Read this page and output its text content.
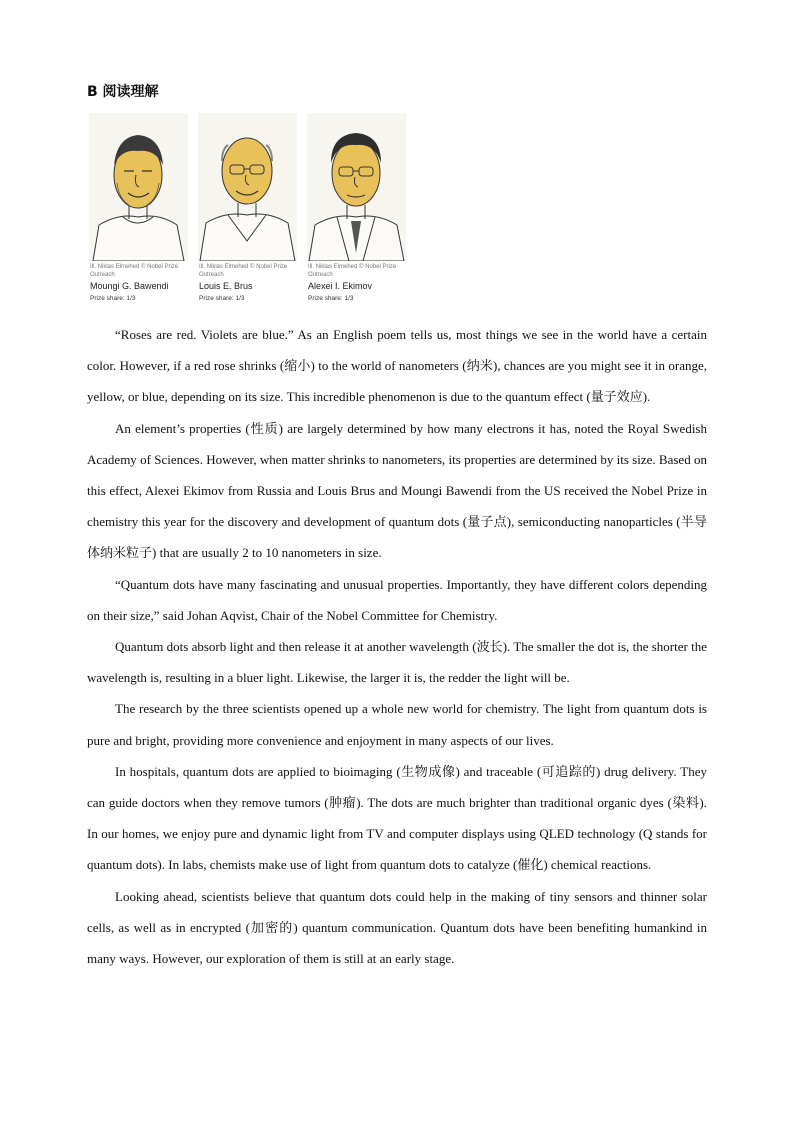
B 阅读理解
Ill. Niklas Elmehed © Nobel Prize Outreach
Moungi G. Bawendi
Prize share: 1/3
Ill. Niklas Elmehed © Nobel Prize Outreach
Louis E. Brus
Prize share: 1/3
Ill. Niklas Elmehed © Nobel Prize Outreach
Alexei I. Ekimov
Prize share: 1/3

“Roses are red. Violets are blue.” As an English poem tells us, most things we see in the world have a certain color. However, if a red rose shrinks (缩小) to the world of nanometers (纳米), chances are you might see it in orange, yellow, or blue, depending on its size. This incredible phenomenon is due to the quantum effect (量子效应).

An element’s properties (性质) are largely determined by how many electrons it has, noted the Royal Swedish Academy of Sciences. However, when matter shrinks to nanometers, its properties are determined by its size. Based on this effect, Alexei Ekimov from Russia and Louis Brus and Moungi Bawendi from the US received the Nobel Prize in chemistry this year for the discovery and development of quantum dots (量子点), semiconducting nanoparticles (半导体纳米粒子) that are usually 2 to 10 nanometers in size.

“Quantum dots have many fascinating and unusual properties. Importantly, they have different colors depending on their size,” said Johan Aqvist, Chair of the Nobel Committee for Chemistry.

Quantum dots absorb light and then release it at another wavelength (波长). The smaller the dot is, the shorter the wavelength is, resulting in a bluer light. Likewise, the larger it is, the redder the light will be.

The research by the three scientists opened up a whole new world for chemistry. The light from quantum dots is pure and bright, providing more convenience and enjoyment in many aspects of our lives.

In hospitals, quantum dots are applied to bioimaging (生物成像) and traceable (可追踪的) drug delivery. They can guide doctors when they remove tumors (肿瘤). The dots are much brighter than traditional organic dyes (染料). In our homes, we enjoy pure and dynamic light from TV and computer displays using QLED technology (Q stands for quantum dots). In labs, chemists make use of light from quantum dots to catalyze (催化) chemical reactions.

Looking ahead, scientists believe that quantum dots could help in the making of tiny sensors and thinner solar cells, as well as in encrypted (加密的) quantum communication. Quantum dots have been benefiting humankind in many ways. However, our exploration of them is still at an early stage.
